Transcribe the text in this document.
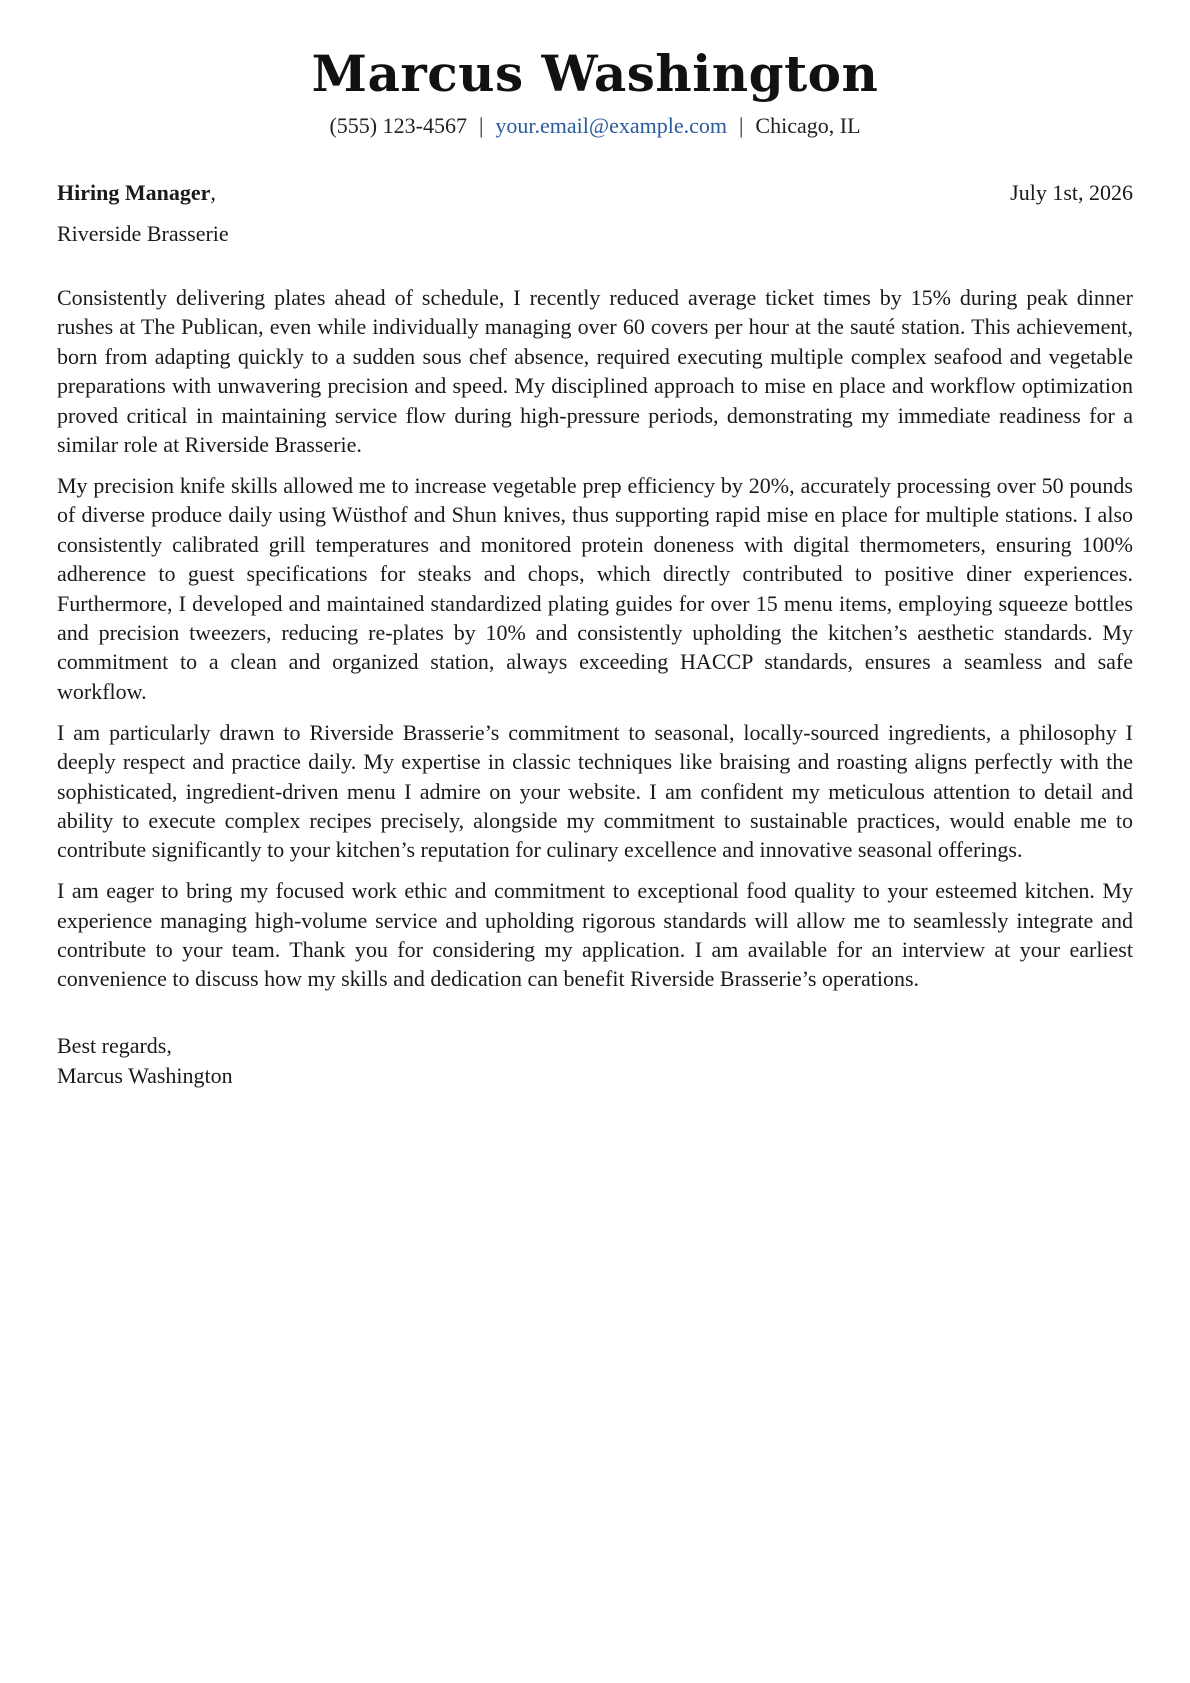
Marcus Washington
(555) 123-4567 | your.email@example.com | Chicago, IL
Hiring Manager,	July 1st, 2026
Riverside Brasserie

Consistently delivering plates ahead of schedule, I recently reduced average ticket times by 15% during peak dinner rushes at The Publican, even while individually managing over 60 covers per hour at the sauté station. This achievement, born from adapting quickly to a sudden sous chef absence, required executing multiple complex seafood and vegetable preparations with unwavering precision and speed. My disciplined approach to mise en place and workflow optimization proved critical in maintaining service flow during high-pressure periods, demonstrating my immediate readiness for a similar role at Riverside Brasserie.

My precision knife skills allowed me to increase vegetable prep efficiency by 20%, accurately processing over 50 pounds of diverse produce daily using Wüsthof and Shun knives, thus supporting rapid mise en place for multiple stations. I also consistently calibrated grill temperatures and monitored protein doneness with digital thermometers, ensuring 100% adherence to guest specifications for steaks and chops, which directly contributed to positive diner experiences. Furthermore, I developed and maintained standardized plating guides for over 15 menu items, employing squeeze bottles and precision tweezers, reducing re-plates by 10% and consistently upholding the kitchen’s aesthetic standards. My commitment to a clean and organized station, always exceeding HACCP standards, ensures a seamless and safe workflow.

I am particularly drawn to Riverside Brasserie’s commitment to seasonal, locally-sourced ingredients, a philosophy I deeply respect and practice daily. My expertise in classic techniques like braising and roasting aligns perfectly with the sophisticated, ingredient-driven menu I admire on your website. I am confident my meticulous attention to detail and ability to execute complex recipes precisely, alongside my commitment to sustainable practices, would enable me to contribute significantly to your kitchen’s reputation for culinary excellence and innovative seasonal offerings.

I am eager to bring my focused work ethic and commitment to exceptional food quality to your esteemed kitchen. My experience managing high-volume service and upholding rigorous standards will allow me to seamlessly integrate and contribute to your team. Thank you for considering my application. I am available for an interview at your earliest convenience to discuss how my skills and dedication can benefit Riverside Brasserie’s operations.

Best regards,
Marcus Washington
